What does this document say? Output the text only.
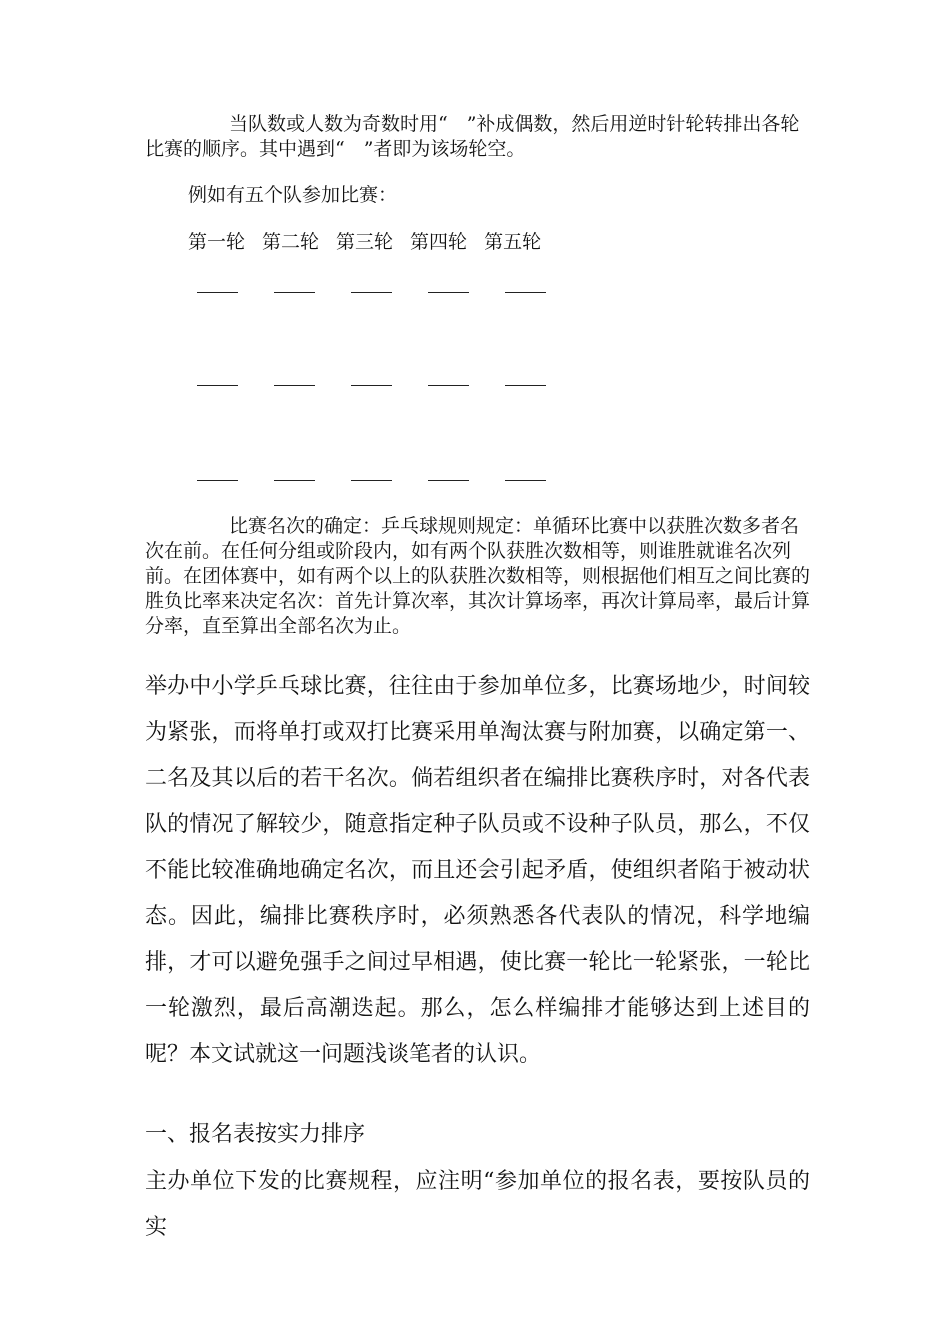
当队数或人数为奇数时用“　”补成偶数，然后用逆时针轮转排出各轮比赛的顺序。其中遇到“　”者即为该场轮空。
例如有五个队参加比赛：
第一轮 第二轮 第三轮 第四轮 第五轮
比赛名次的确定：乒乓球规则规定：单循环比赛中以获胜次数多者名次在前。在任何分组或阶段内，如有两个队获胜次数相等，则谁胜就谁名次列前。在团体赛中，如有两个以上的队获胜次数相等，则根据他们相互之间比赛的胜负比率来决定名次：首先计算次率，其次计算场率，再次计算局率，最后计算分率，直至算出全部名次为止。
举办中小学乒乓球比赛，往往由于参加单位多，比赛场地少，时间较为紧张，而将单打或双打比赛采用单淘汰赛与附加赛，以确定第一、二名及其以后的若干名次。倘若组织者在编排比赛秩序时，对各代表队的情况了解较少，随意指定种子队员或不设种子队员，那么，不仅不能比较准确地确定名次，而且还会引起矛盾，使组织者陷于被动状态。因此，编排比赛秩序时，必须熟悉各代表队的情况，科学地编排，才可以避免强手之间过早相遇，使比赛一轮比一轮紧张，一轮比一轮激烈，最后高潮迭起。那么，怎么样编排才能够达到上述目的呢？本文试就这一问题浅谈笔者的认识。
一、报名表按实力排序
主办单位下发的比赛规程，应注明“参加单位的报名表，要按队员的实
